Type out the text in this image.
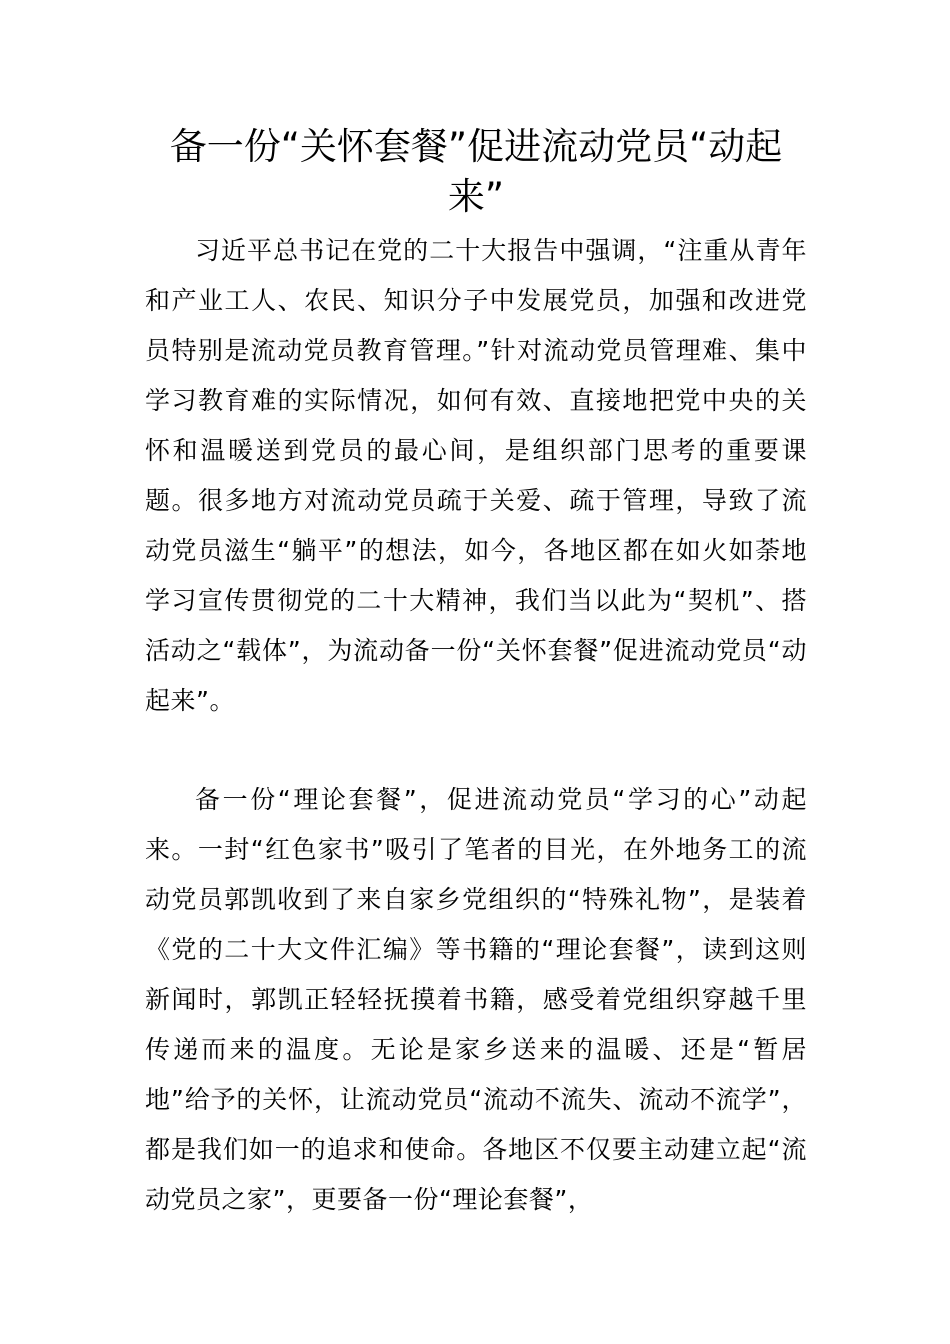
备一份“关怀套餐”促进流动党员“动起来”

习近平总书记在党的二十大报告中强调，“注重从青年和产业工人、农民、知识分子中发展党员，加强和改进党员特别是流动党员教育管理。”针对流动党员管理难、集中学习教育难的实际情况，如何有效、直接地把党中央的关怀和温暖送到党员的最心间，是组织部门思考的重要课题。很多地方对流动党员疏于关爱、疏于管理，导致了流动党员滋生“躺平”的想法，如今，各地区都在如火如荼地学习宣传贯彻党的二十大精神，我们当以此为“契机”、搭活动之“载体”，为流动备一份“关怀套餐”促进流动党员“动起来”。

备一份“理论套餐”，促进流动党员“学习的心”动起来。一封“红色家书”吸引了笔者的目光，在外地务工的流动党员郭凯收到了来自家乡党组织的“特殊礼物”，是装着《党的二十大文件汇编》等书籍的“理论套餐”，读到这则新闻时，郭凯正轻轻抚摸着书籍，感受着党组织穿越千里传递而来的温度。无论是家乡送来的温暖、还是“暂居地”给予的关怀，让流动党员“流动不流失、流动不流学”，都是我们如一的追求和使命。各地区不仅要主动建立起“流动党员之家”，更要备一份“理论套餐”，
